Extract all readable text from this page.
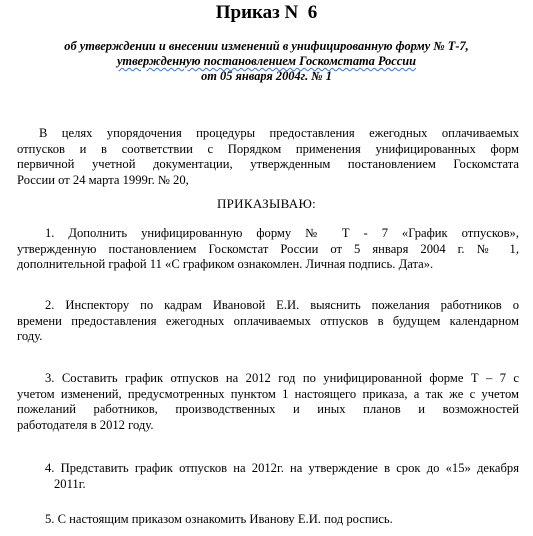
Приказ N  6
об утверждении и внесении изменений в унифицированную форму № Т-7,
утвержденную постановлением Госкомстата России
от 05 января 2004г. № 1
В целях упорядочения процедуры предоставления ежегодных оплачиваемых
отпусков и в соответствии с Порядком применения унифицированных форм
первичной учетной документации, утвержденным постановлением Госкомстата
России от 24 марта 1999г. № 20,
ПРИКАЗЫВАЮ:
1. Дополнить унифицированную форму № Т - 7 «График отпусков»,
утвержденную постановлением Госкомстат России от 5 января 2004 г. № 1,
дополнительной графой 11 «С графиком ознакомлен. Личная подпись. Дата».
2. Инспектору по кадрам Ивановой Е.И. выяснить пожелания работников о
времени предоставления ежегодных оплачиваемых отпусков в будущем календарном
году.
3. Составить график отпусков на 2012 год по унифицированной форме Т – 7 с
учетом изменений, предусмотренных пунктом 1 настоящего приказа, а так же с учетом
пожеланий работников, производственных и иных планов и возможностей
работодателя в 2012 году.
4. Представить график отпусков на 2012г. на утверждение в срок до «15» декабря
2011г.
5. С настоящим приказом ознакомить Иванову Е.И. под роспись.
